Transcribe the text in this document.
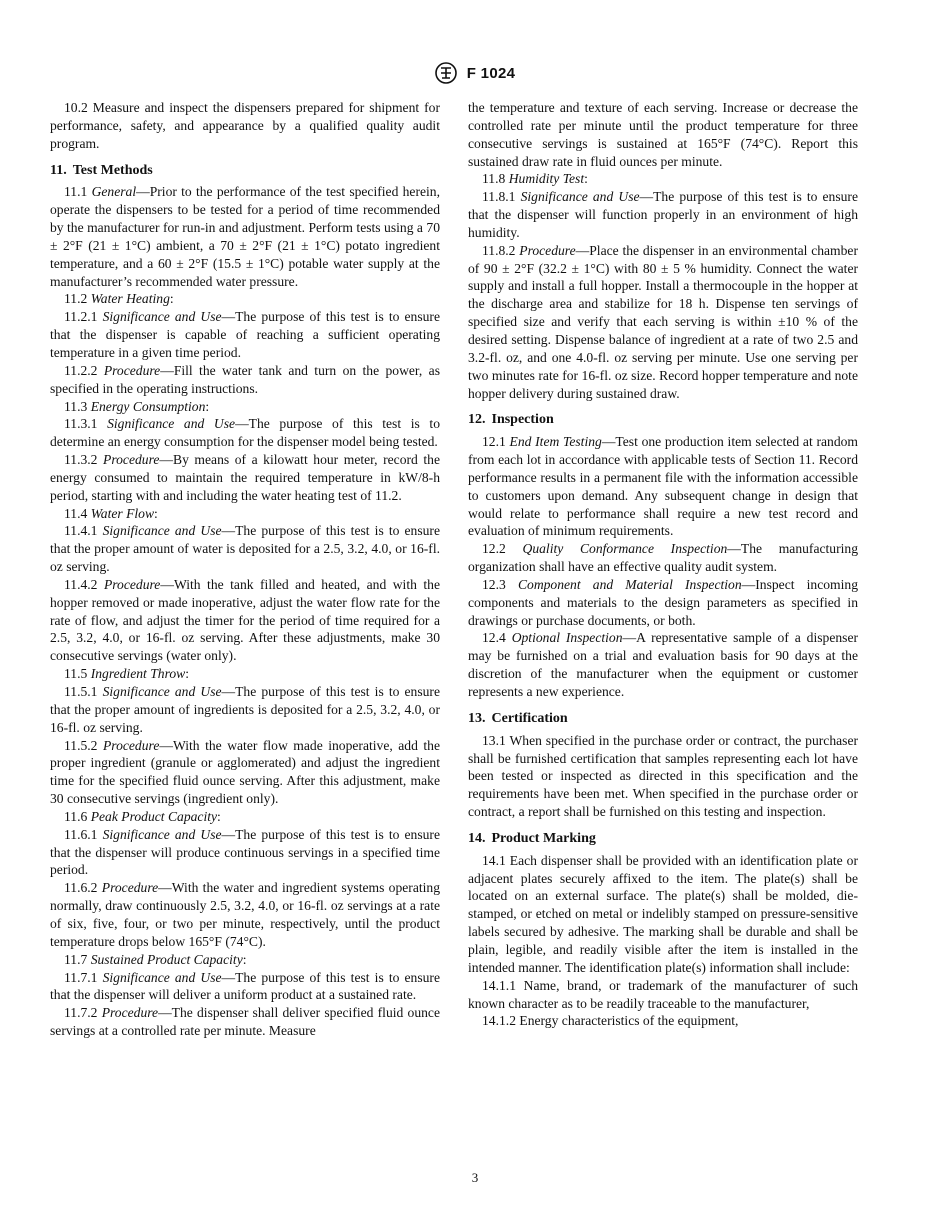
F 1024

10.2 Measure and inspect the dispensers prepared for shipment for performance, safety, and appearance by a qualified quality audit program.

11. Test Methods

11.1 General—Prior to the performance of the test specified herein, operate the dispensers to be tested for a period of time recommended by the manufacturer for run-in and adjustment. Perform tests using a 70 ± 2°F (21 ± 1°C) ambient, a 70 ± 2°F (21 ± 1°C) potato ingredient temperature, and a 60 ± 2°F (15.5 ± 1°C) potable water supply at the manufacturer’s recommended water pressure.

11.2 Water Heating:

11.2.1 Significance and Use—The purpose of this test is to ensure that the dispenser is capable of reaching a sufficient operating temperature in a given time period.

11.2.2 Procedure—Fill the water tank and turn on the power, as specified in the operating instructions.

11.3 Energy Consumption:

11.3.1 Significance and Use—The purpose of this test is to determine an energy consumption for the dispenser model being tested.

11.3.2 Procedure—By means of a kilowatt hour meter, record the energy consumed to maintain the required temperature in kW/8-h period, starting with and including the water heating test of 11.2.

11.4 Water Flow:

11.4.1 Significance and Use—The purpose of this test is to ensure that the proper amount of water is deposited for a 2.5, 3.2, 4.0, or 16-fl. oz serving.

11.4.2 Procedure—With the tank filled and heated, and with the hopper removed or made inoperative, adjust the water flow rate for the rate of flow, and adjust the timer for the period of time required for a 2.5, 3.2, 4.0, or 16-fl. oz serving. After these adjustments, make 30 consecutive servings (water only).

11.5 Ingredient Throw:

11.5.1 Significance and Use—The purpose of this test is to ensure that the proper amount of ingredients is deposited for a 2.5, 3.2, 4.0, or 16-fl. oz serving.

11.5.2 Procedure—With the water flow made inoperative, add the proper ingredient (granule or agglomerated) and adjust the ingredient time for the specified fluid ounce serving. After this adjustment, make 30 consecutive servings (ingredient only).

11.6 Peak Product Capacity:

11.6.1 Significance and Use—The purpose of this test is to ensure that the dispenser will produce continuous servings in a specified time period.

11.6.2 Procedure—With the water and ingredient systems operating normally, draw continuously 2.5, 3.2, 4.0, or 16-fl. oz servings at a rate of six, five, four, or two per minute, respectively, until the product temperature drops below 165°F (74°C).

11.7 Sustained Product Capacity:

11.7.1 Significance and Use—The purpose of this test is to ensure that the dispenser will deliver a uniform product at a sustained rate.

11.7.2 Procedure—The dispenser shall deliver specified fluid ounce servings at a controlled rate per minute. Measure

the temperature and texture of each serving. Increase or decrease the controlled rate per minute until the product temperature for three consecutive servings is sustained at 165°F (74°C). Report this sustained draw rate in fluid ounces per minute.

11.8 Humidity Test:

11.8.1 Significance and Use—The purpose of this test is to ensure that the dispenser will function properly in an environment of high humidity.

11.8.2 Procedure—Place the dispenser in an environmental chamber of 90 ± 2°F (32.2 ± 1°C) with 80 ± 5 % humidity. Connect the water supply and install a full hopper. Install a thermocouple in the hopper at the discharge area and stabilize for 18 h. Dispense ten servings of specified size and verify that each serving is within ±10 % of the desired setting. Dispense balance of ingredient at a rate of two 2.5 and 3.2-fl. oz, and one 4.0-fl. oz serving per minute. Use one serving per two minutes rate for 16-fl. oz size. Record hopper temperature and note hopper delivery during sustained draw.

12. Inspection

12.1 End Item Testing—Test one production item selected at random from each lot in accordance with applicable tests of Section 11. Record performance results in a permanent file with the information accessible to customers upon demand. Any subsequent change in design that would relate to performance shall require a new test record and evaluation of minimum requirements.

12.2 Quality Conformance Inspection—The manufacturing organization shall have an effective quality audit system.

12.3 Component and Material Inspection—Inspect incoming components and materials to the design parameters as specified in drawings or purchase documents, or both.

12.4 Optional Inspection—A representative sample of a dispenser may be furnished on a trial and evaluation basis for 90 days at the discretion of the manufacturer when the equipment or customer represents a new experience.

13. Certification

13.1 When specified in the purchase order or contract, the purchaser shall be furnished certification that samples representing each lot have been tested or inspected as directed in this specification and the requirements have been met. When specified in the purchase order or contract, a report shall be furnished on this testing and inspection.

14. Product Marking

14.1 Each dispenser shall be provided with an identification plate or adjacent plates securely affixed to the item. The plate(s) shall be located on an external surface. The plate(s) shall be molded, die-stamped, or etched on metal or indelibly stamped on pressure-sensitive labels secured by adhesive. The marking shall be durable and shall be plain, legible, and readily visible after the item is installed in the intended manner. The identification plate(s) information shall include:

14.1.1 Name, brand, or trademark of the manufacturer of such known character as to be readily traceable to the manufacturer,

14.1.2 Energy characteristics of the equipment,

3
